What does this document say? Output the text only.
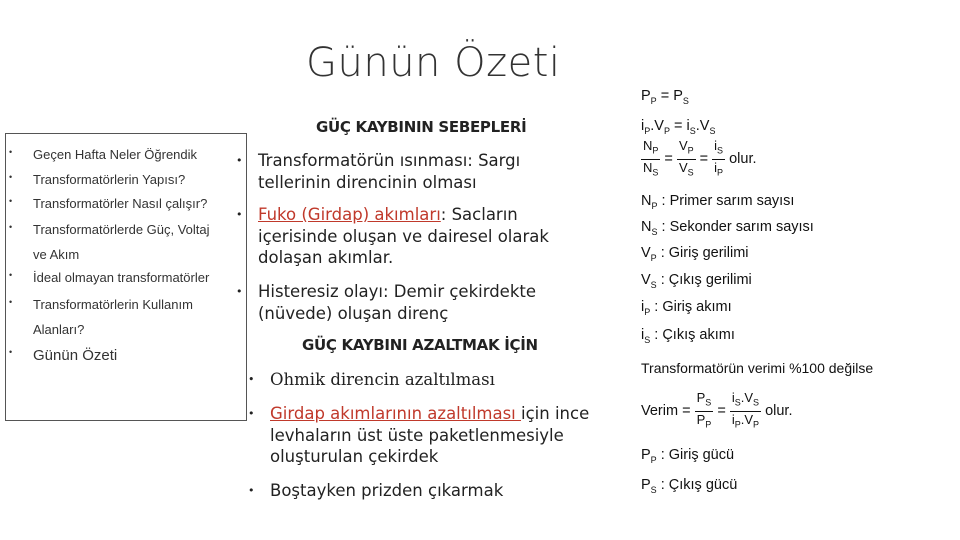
Günün Özeti
• Geçen Hafta Neler Öğrendik
• Transformatörlerin Yapısı?
• Transformatörler Nasıl çalışır?
• Transformatörlerde Güç, Voltaj
ve Akım
• İdeal olmayan transformatörler
• Transformatörlerin Kullanım
Alanları?
• Günün Özeti
GÜÇ KAYBININ SEBEPLERİ
• Transformatörün ısınması: Sargı
tellerinin direncinin olması
• Fuko (Girdap) akımları: Sacların
içerisinde oluşan ve dairesel olarak
dolaşan akımlar.
• Histeresiz olayı: Demir çekirdekte
(nüvede) oluşan direnç
GÜÇ KAYBINI AZALTMAK İÇİN
• Ohmik direncin azaltılması
• Girdap akımlarının azaltılması için ince
levhaların üst üste paketlenmesiyle
oluşturulan çekirdek
• Boştayken prizden çıkarmak
$P_P = P_S$
$i_P.V_P = i_S.V_S$
$\frac{N_P}{N_S} = \frac{V_P}{V_S} = \frac{i_S}{i_P}$ olur.
$N_P$ : Primer sarım sayısı
$N_S$ : Sekonder sarım sayısı
$V_P$ : Giriş gerilimi
$V_S$ : Çıkış gerilimi
$i_P$ : Giriş akımı
$i_S$ : Çıkış akımı
Transformatörün verimi %100 değilse
Verim = $\frac{P_S}{P_P} = \frac{i_S.V_S}{i_P.V_P}$ olur.
$P_P$ : Giriş gücü
$P_S$ : Çıkış gücü
